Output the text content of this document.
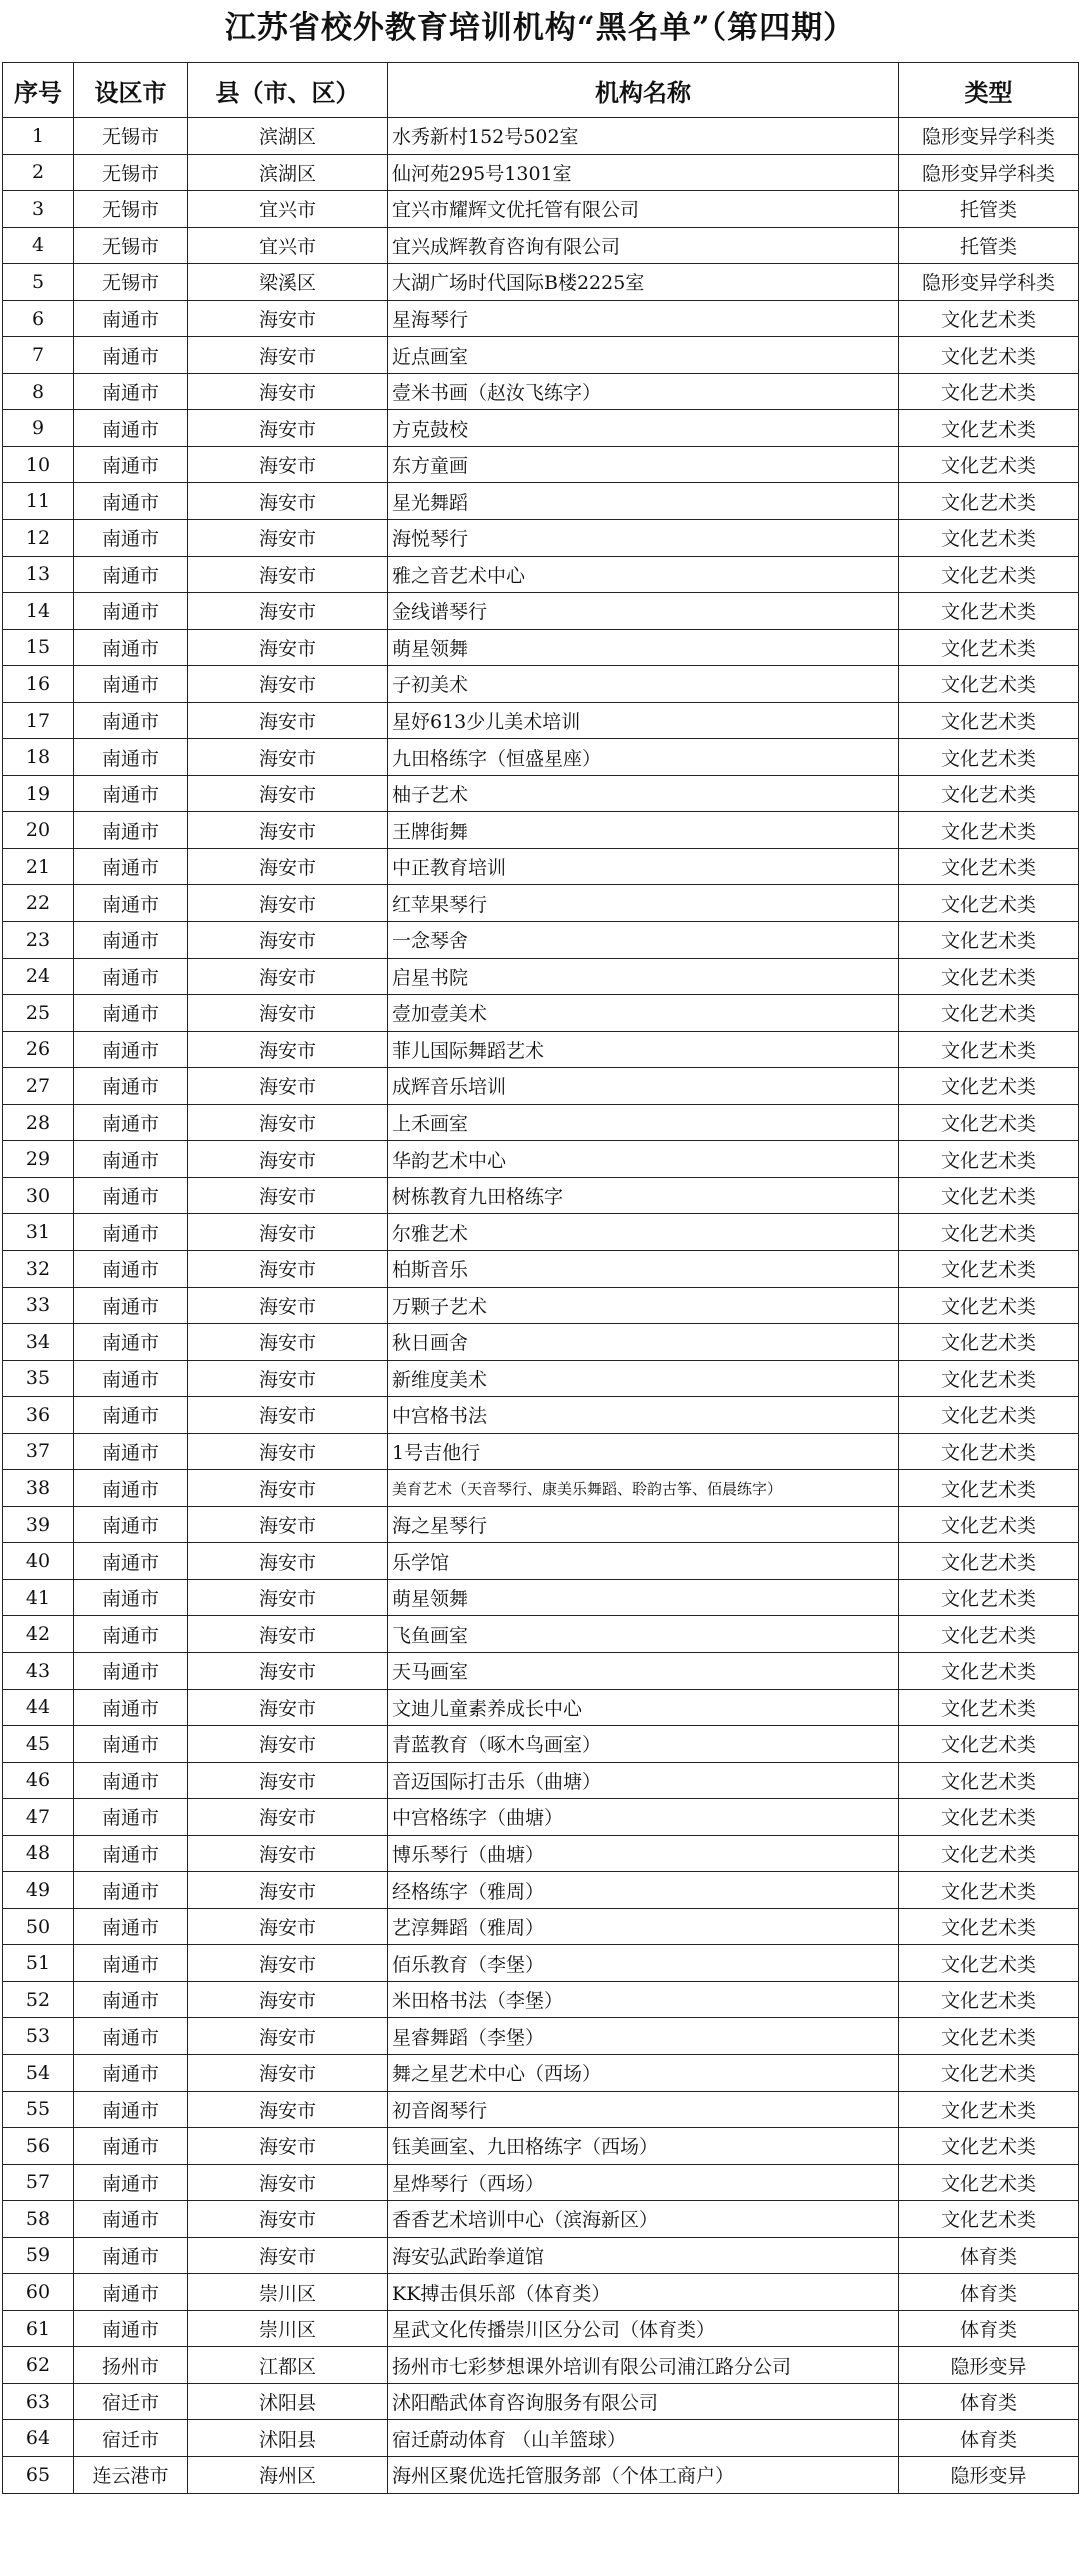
江苏省校外教育培训机构“黑名单”（第四期）
序号	设区市	县（市、区）	机构名称	类型
1	无锡市	滨湖区	水秀新村152号502室	隐形变异学科类
2	无锡市	滨湖区	仙河苑295号1301室	隐形变异学科类
3	无锡市	宜兴市	宜兴市耀辉文优托管有限公司	托管类
4	无锡市	宜兴市	宜兴成辉教育咨询有限公司	托管类
5	无锡市	梁溪区	大湖广场时代国际B楼2225室	隐形变异学科类
6	南通市	海安市	星海琴行	文化艺术类
7	南通市	海安市	近点画室	文化艺术类
8	南通市	海安市	壹米书画（赵汝飞练字）	文化艺术类
9	南通市	海安市	方克鼓校	文化艺术类
10	南通市	海安市	东方童画	文化艺术类
11	南通市	海安市	星光舞蹈	文化艺术类
12	南通市	海安市	海悦琴行	文化艺术类
13	南通市	海安市	雅之音艺术中心	文化艺术类
14	南通市	海安市	金线谱琴行	文化艺术类
15	南通市	海安市	萌星领舞	文化艺术类
16	南通市	海安市	子初美术	文化艺术类
17	南通市	海安市	星妤613少儿美术培训	文化艺术类
18	南通市	海安市	九田格练字（恒盛星座）	文化艺术类
19	南通市	海安市	柚子艺术	文化艺术类
20	南通市	海安市	王牌街舞	文化艺术类
21	南通市	海安市	中正教育培训	文化艺术类
22	南通市	海安市	红苹果琴行	文化艺术类
23	南通市	海安市	一念琴舍	文化艺术类
24	南通市	海安市	启星书院	文化艺术类
25	南通市	海安市	壹加壹美术	文化艺术类
26	南通市	海安市	菲儿国际舞蹈艺术	文化艺术类
27	南通市	海安市	成辉音乐培训	文化艺术类
28	南通市	海安市	上禾画室	文化艺术类
29	南通市	海安市	华韵艺术中心	文化艺术类
30	南通市	海安市	树栋教育九田格练字	文化艺术类
31	南通市	海安市	尔雅艺术	文化艺术类
32	南通市	海安市	柏斯音乐	文化艺术类
33	南通市	海安市	万颗子艺术	文化艺术类
34	南通市	海安市	秋日画舍	文化艺术类
35	南通市	海安市	新维度美术	文化艺术类
36	南通市	海安市	中宫格书法	文化艺术类
37	南通市	海安市	1号吉他行	文化艺术类
38	南通市	海安市	美育艺术（天音琴行、康美乐舞蹈、聆韵古筝、佰晨练字）	文化艺术类
39	南通市	海安市	海之星琴行	文化艺术类
40	南通市	海安市	乐学馆	文化艺术类
41	南通市	海安市	萌星领舞	文化艺术类
42	南通市	海安市	飞鱼画室	文化艺术类
43	南通市	海安市	天马画室	文化艺术类
44	南通市	海安市	文迪儿童素养成长中心	文化艺术类
45	南通市	海安市	青蓝教育（啄木鸟画室）	文化艺术类
46	南通市	海安市	音迈国际打击乐（曲塘）	文化艺术类
47	南通市	海安市	中宫格练字（曲塘）	文化艺术类
48	南通市	海安市	博乐琴行（曲塘）	文化艺术类
49	南通市	海安市	经格练字（雅周）	文化艺术类
50	南通市	海安市	艺淳舞蹈（雅周）	文化艺术类
51	南通市	海安市	佰乐教育（李堡）	文化艺术类
52	南通市	海安市	米田格书法（李堡）	文化艺术类
53	南通市	海安市	星睿舞蹈（李堡）	文化艺术类
54	南通市	海安市	舞之星艺术中心（西场）	文化艺术类
55	南通市	海安市	初音阁琴行	文化艺术类
56	南通市	海安市	钰美画室、九田格练字（西场）	文化艺术类
57	南通市	海安市	星烨琴行（西场）	文化艺术类
58	南通市	海安市	香香艺术培训中心（滨海新区）	文化艺术类
59	南通市	海安市	海安弘武跆拳道馆	体育类
60	南通市	崇川区	KK搏击俱乐部（体育类）	体育类
61	南通市	崇川区	星武文化传播崇川区分公司（体育类）	体育类
62	扬州市	江都区	扬州市七彩梦想课外培训有限公司浦江路分公司	隐形变异
63	宿迁市	沭阳县	沭阳酷武体育咨询服务有限公司	体育类
64	宿迁市	沭阳县	宿迁蔚动体育 （山羊篮球）	体育类
65	连云港市	海州区	海州区聚优选托管服务部（个体工商户）	隐形变异
